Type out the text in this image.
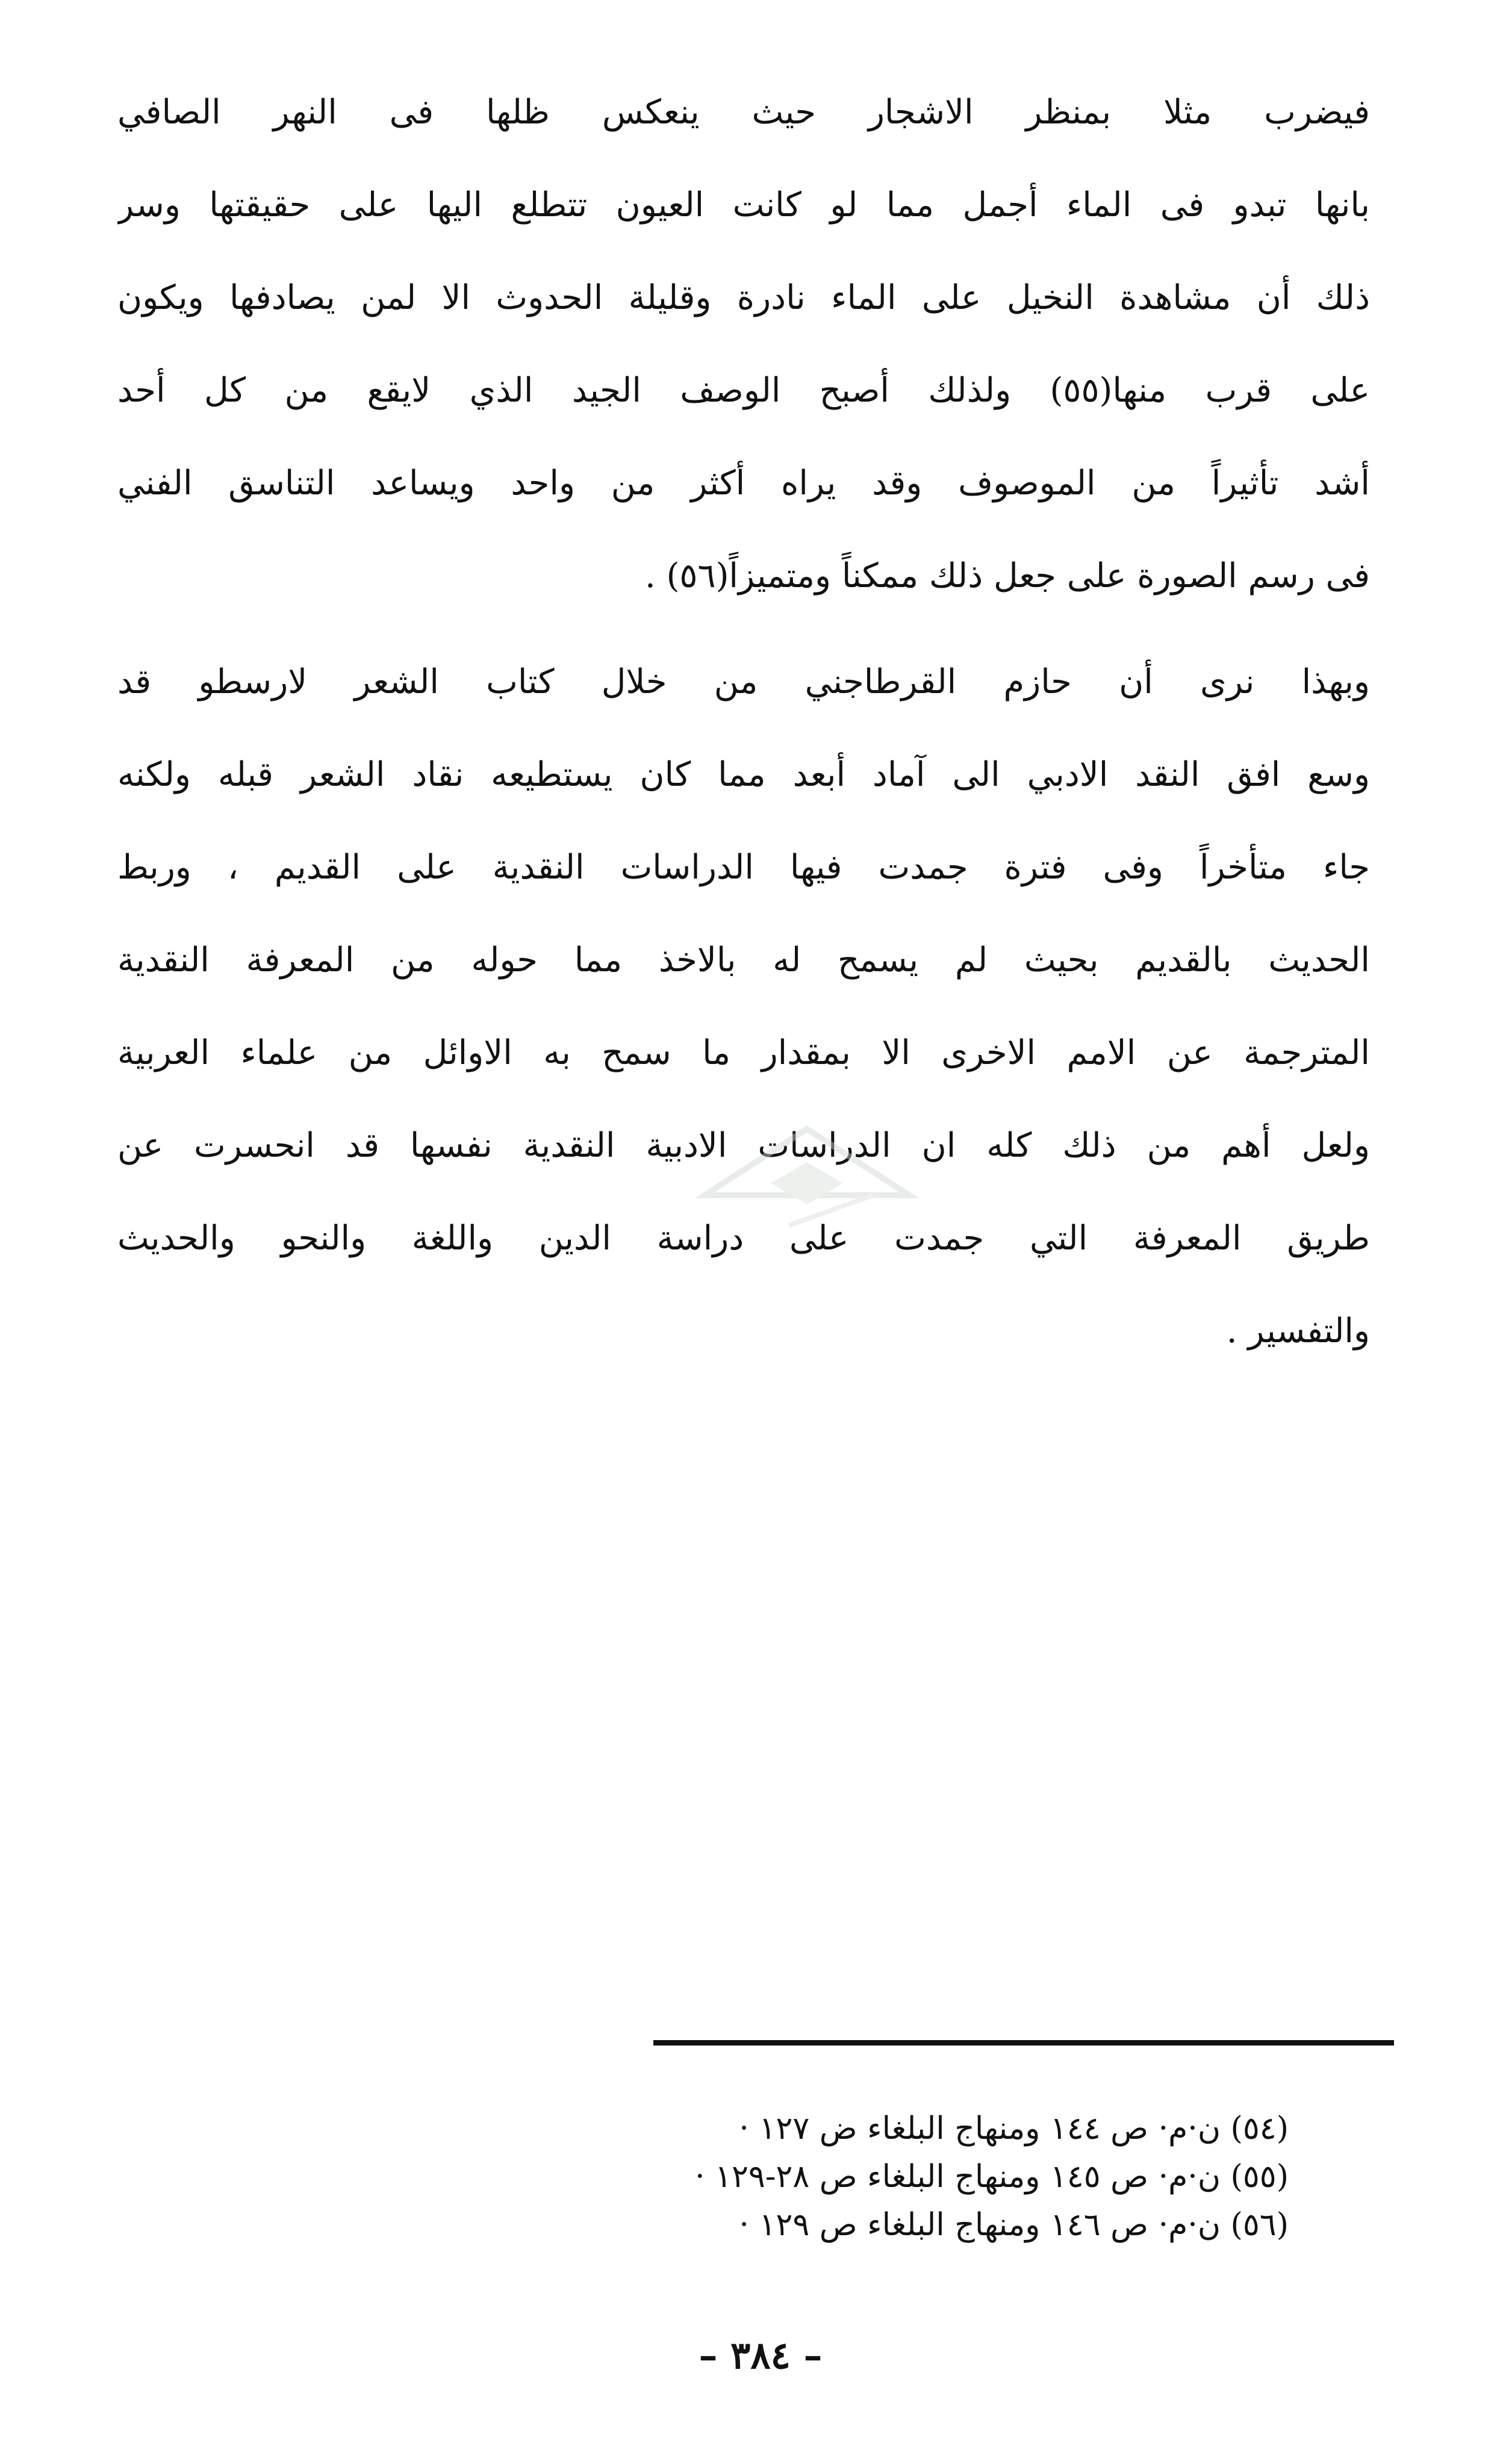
فيضرب مثلا بمنظر الاشجار حيث ينعكس ظلها فى النهر الصافي
بانها تبدو فى الماء أجمل مما لو كانت العيون تتطلع اليها على حقيقتها وسر
ذلك أن مشاهدة النخيل على الماء نادرة وقليلة الحدوث الا لمن يصادفها ويكون
على قرب منها(٥٥) ولذلك أصبح الوصف الجيد الذي لايقع من كل أحد
أشد تأثيراً من الموصوف وقد يراه أكثر من واحد ويساعد التناسق الفني
فى رسم الصورة على جعل ذلك ممكناً ومتميزاً(٥٦) .

وبهذا نرى أن حازم القرطاجني من خلال كتاب الشعر لارسطو قد
وسع افق النقد الادبي الى آماد أبعد مما كان يستطيعه نقاد الشعر قبله ولكنه
جاء متأخراً وفى فترة جمدت فيها الدراسات النقدية على القديم ، وربط
الحديث بالقديم بحيث لم يسمح له بالاخذ مما حوله من المعرفة النقدية
المترجمة عن الامم الاخرى الا بمقدار ما سمح به الاوائل من علماء العربية
ولعل أهم من ذلك كله ان الدراسات الادبية النقدية نفسها قد انحسرت عن
طريق المعرفة التي جمدت على دراسة الدين واللغة والنحو والحديث
والتفسير .

(٥٤) ن·م· ص ١٤٤ ومنهاج البلغاء ض ١٢٧ ·
(٥٥) ن·م· ص ١٤٥ ومنهاج البلغاء ص ٢٨-١٢٩ ·
(٥٦) ن·م· ص ١٤٦ ومنهاج البلغاء ص ١٢٩ ·
– ٣٨٤ –
